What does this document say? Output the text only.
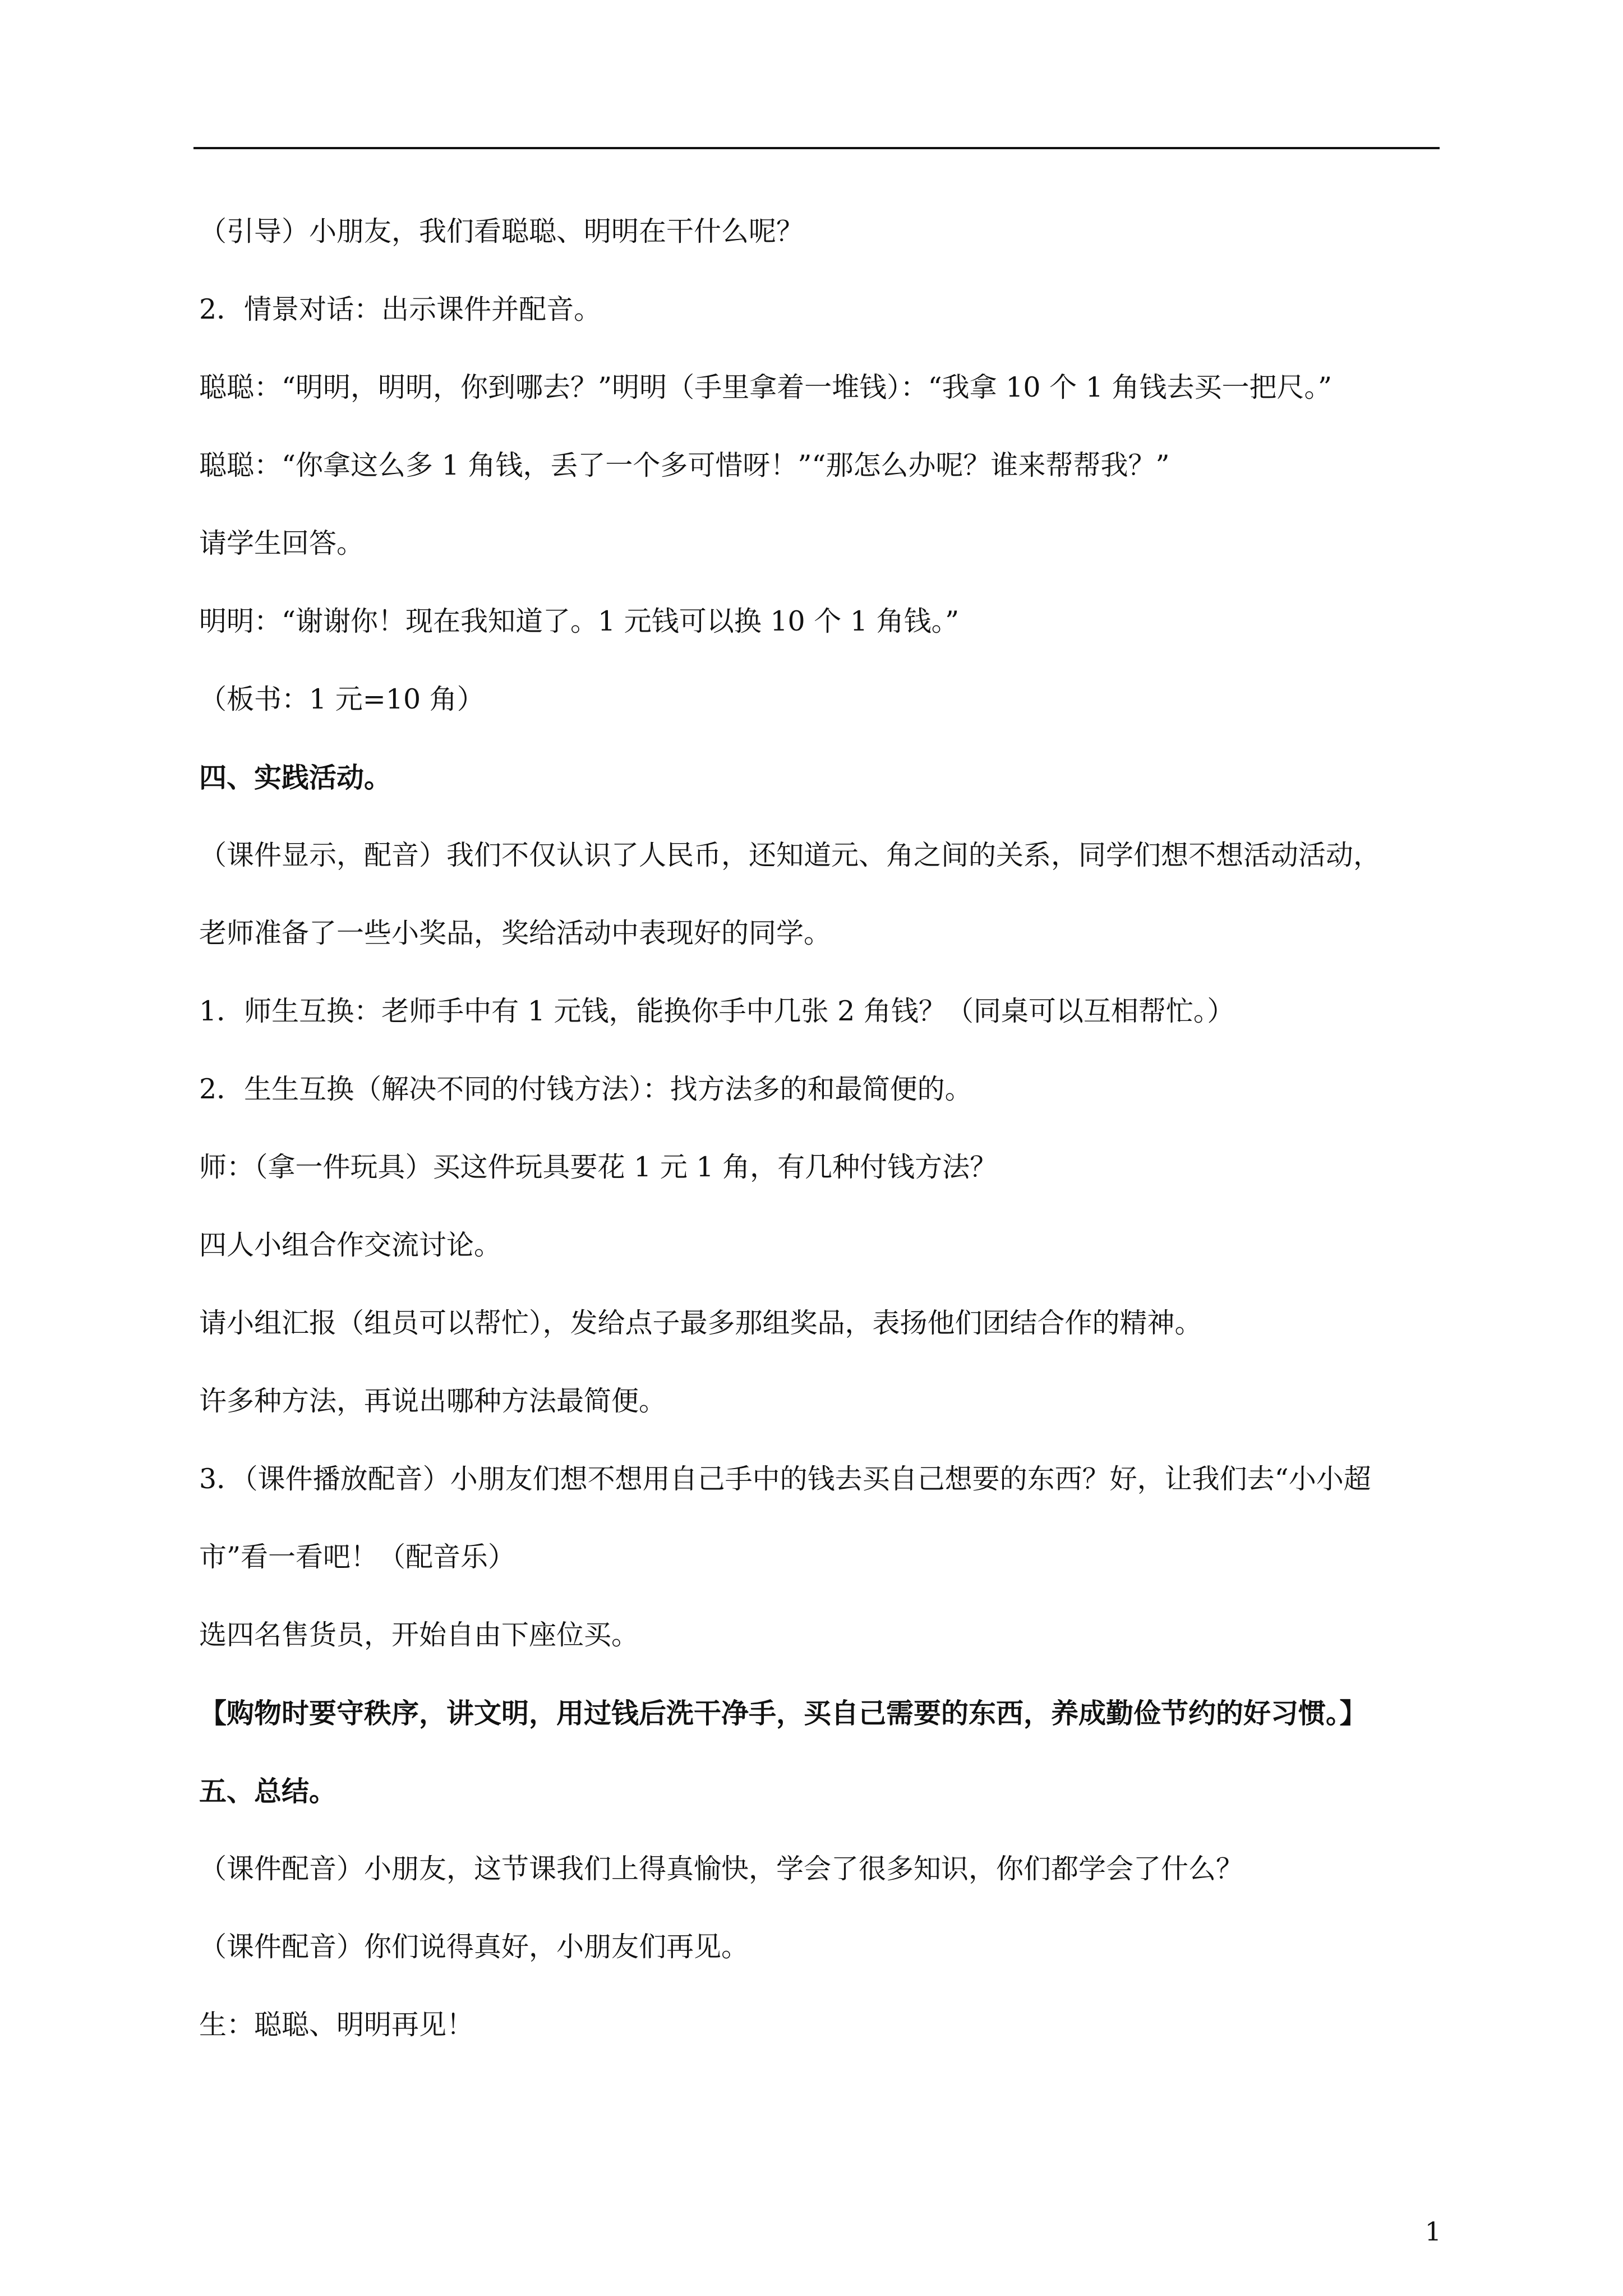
（引导）小朋友，我们看聪聪、明明在干什么呢？

2．情景对话：出示课件并配音。

聪聪：“明明，明明，你到哪去？”明明（手里拿着一堆钱）：“我拿 10 个 1 角钱去买一把尺。”

聪聪：“你拿这么多 1 角钱，丢了一个多可惜呀！”“那怎么办呢？谁来帮帮我？”

请学生回答。

明明：“谢谢你！现在我知道了。1 元钱可以换 10 个 1 角钱。”

（板书：1 元=10 角）

四、实践活动。

（课件显示，配音）我们不仅认识了人民币，还知道元、角之间的关系，同学们想不想活动活动，

老师准备了一些小奖品，奖给活动中表现好的同学。

1．师生互换：老师手中有 1 元钱，能换你手中几张 2 角钱？（同桌可以互相帮忙。）

2．生生互换（解决不同的付钱方法）：找方法多的和最简便的。

师：（拿一件玩具）买这件玩具要花 1 元 1 角，有几种付钱方法？

四人小组合作交流讨论。

请小组汇报（组员可以帮忙），发给点子最多那组奖品，表扬他们团结合作的精神。

许多种方法，再说出哪种方法最简便。

3．（课件播放配音）小朋友们想不想用自己手中的钱去买自己想要的东西？好，让我们去“小小超

市”看一看吧！（配音乐）

选四名售货员，开始自由下座位买。

【购物时要守秩序，讲文明，用过钱后洗干净手，买自己需要的东西，养成勤俭节约的好习惯。】

五、总结。

（课件配音）小朋友，这节课我们上得真愉快，学会了很多知识，你们都学会了什么？

（课件配音）你们说得真好，小朋友们再见。

生：聪聪、明明再见！

1
